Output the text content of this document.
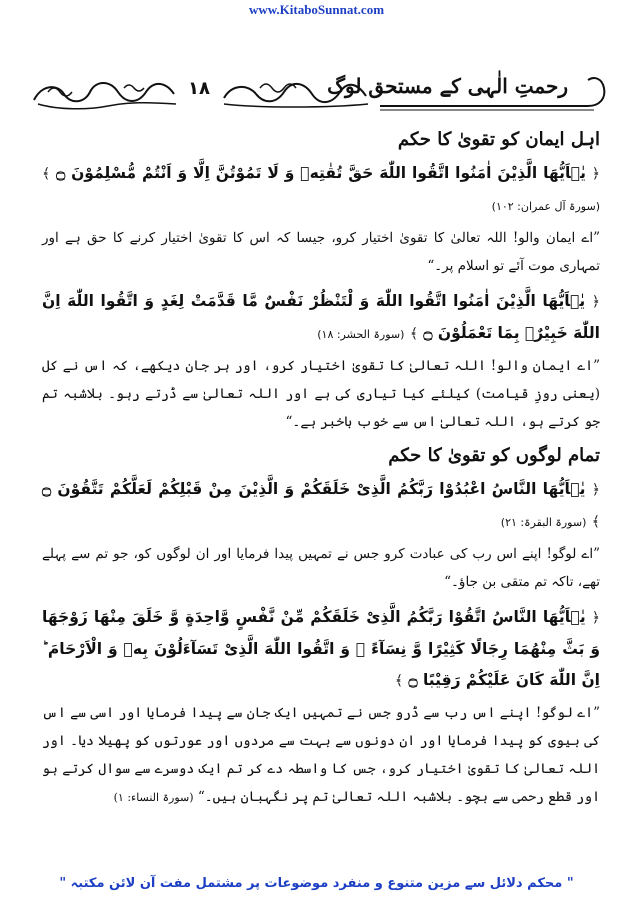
www.KitaboSunnat.com
۱۸	رحمتِ الٰہی کے مستحق لوگ
اہل ایمان کو تقویٰ کا حکم

﴿ یٰۤاَیُّهَا الَّذِیْنَ اٰمَنُوا اتَّقُوا اللّٰهَ حَقَّ تُقٰتِهٖ وَ لَا تَمُوْتُنَّ اِلَّا وَ اَنْتُمْ مُّسْلِمُوْنَ ۝ ﴾ (سورۃ آل عمران: ۱۰۲)

”اے ایمان والو! اللہ تعالیٰ کا تقویٰ اختیار کرو، جیسا کہ اس کا تقویٰ اختیار کرنے کا حق ہے اور تمہاری موت آئے تو اسلام پر۔“

﴿ یٰۤاَیُّهَا الَّذِیْنَ اٰمَنُوا اتَّقُوا اللّٰهَ وَ لْتَنْظُرْ نَفْسٌ مَّا قَدَّمَتْ لِغَدٍ وَ اتَّقُوا اللّٰهَ اِنَّ اللّٰهَ خَبِیْرٌۢ بِمَا تَعْمَلُوْنَ ۝ ﴾ (سورۃ الحشر: ۱۸)

”اے ایمان والو! اللہ تعالیٰ کا تقویٰ اختیار کرو، اور ہر جان دیکھے، کہ اس نے کل (یعنی روزِ قیامت) کیلئے کیا تیاری کی ہے اور اللہ تعالیٰ سے ڈرتے رہو۔ بلاشبہ تم جو کرتے ہو، اللہ تعالیٰ اس سے خوب باخبر ہے۔“

تمام لوگوں کو تقویٰ کا حکم

﴿ یٰۤاَیُّهَا النَّاسُ اعْبُدُوْا رَبَّكُمُ الَّذِیْ خَلَقَكُمْ وَ الَّذِیْنَ مِنْ قَبْلِكُمْ لَعَلَّكُمْ تَتَّقُوْنَ ۝ ﴾ (سورۃ البقرۃ: ۲۱)

”اے لوگو! اپنے اس رب کی عبادت کرو جس نے تمہیں پیدا فرمایا اور ان لوگوں کو، جو تم سے پہلے تھے، تاکہ تم متقی بن جاؤ۔“

﴿ یٰۤاَیُّهَا النَّاسُ اتَّقُوْا رَبَّكُمُ الَّذِیْ خَلَقَكُمْ مِّنْ نَّفْسٍ وَّاحِدَةٍ وَّ خَلَقَ مِنْهَا زَوْجَهَا وَ بَثَّ مِنْهُمَا رِجَالًا كَثِیْرًا وَّ نِسَآءً ۚ وَ اتَّقُوا اللّٰهَ الَّذِیْ تَسَآءَلُوْنَ بِهٖ وَ الْاَرْحَامَ ؕ اِنَّ اللّٰهَ كَانَ عَلَیْكُمْ رَقِیْبًا ۝ ﴾

”اے لوگو! اپنے اس رب سے ڈرو جس نے تمہیں ایک جان سے پیدا فرمایا اور اسی سے اس کی بیوی کو پیدا فرمایا اور ان دونوں سے بہت سے مردوں اور عورتوں کو پھیلا دیا۔ اور اللہ تعالیٰ کا تقویٰ اختیار کرو، جس کا واسطہ دے کر تم ایک دوسرے سے سوال کرتے ہو اور قطع رحمی سے بچو۔ بلاشبہ اللہ تعالیٰ تم پر نگہبان ہیں۔“ (سورۃ النساء: ۱)

" محکم دلائل سے مزین متنوع و منفرد موضوعات پر مشتمل مفت آن لائن مکتبہ "
